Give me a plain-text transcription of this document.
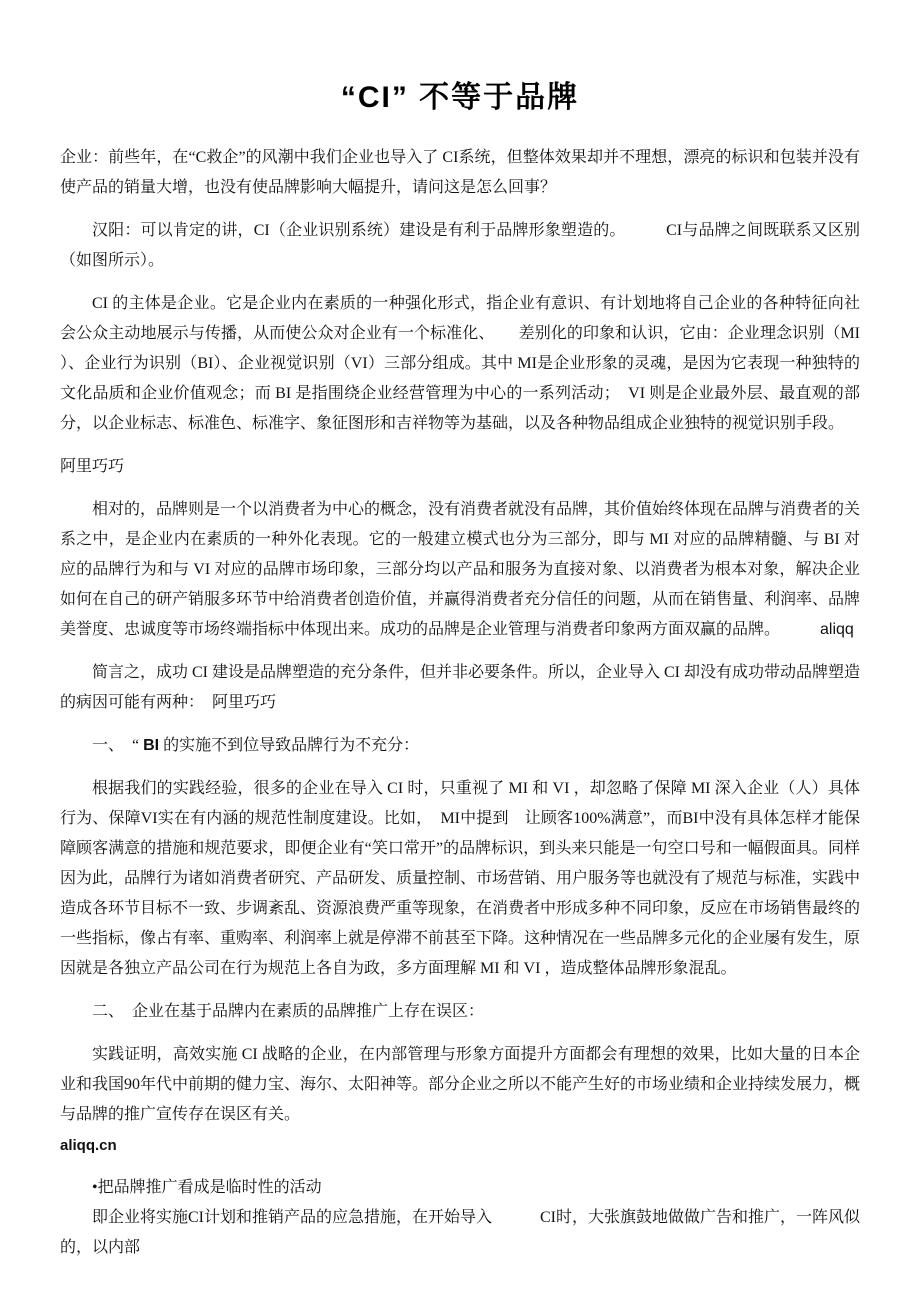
“CI” 不等于品牌

企业：前些年，在“C救企”的风潮中我们企业也导入了 CI系统，但整体效果却并不理想，漂亮的标识和包装并没有使产品的销量大增，也没有使品牌影响大幅提升，请问这是怎么回事？

汉阳：可以肯定的讲，CI（企业识别系统）建设是有利于品牌形象塑造的。　　　CI与品牌之间既联系又区别（如图所示）。

CI 的主体是企业。它是企业内在素质的一种强化形式，指企业有意识、有计划地将自己企业的各种特征向社会公众主动地展示与传播，从而使公众对企业有一个标准化、　　差别化的印象和认识，它由：企业理念识别（MI ）、企业行为识别（BI）、企业视觉识别（VI）三部分组成。其中 MI是企业形象的灵魂，是因为它表现一种独特的文化品质和企业价值观念；而 BI 是指围绕企业经营管理为中心的一系列活动；　VI 则是企业最外层、最直观的部分，以企业标志、标准色、标准字、象征图形和吉祥物等为基础，以及各种物品组成企业独特的视觉识别手段。

阿里巧巧

相对的，品牌则是一个以消费者为中心的概念，没有消费者就没有品牌，其价值始终体现在品牌与消费者的关系之中，是企业内在素质的一种外化表现。它的一般建立模式也分为三部分，即与 MI 对应的品牌精髓、与 BI 对应的品牌行为和与 VI 对应的品牌市场印象，三部分均以产品和服务为直接对象、以消费者为根本对象，解决企业如何在自己的研产销服多环节中给消费者创造价值，并赢得消费者充分信任的问题，从而在销售量、利润率、品牌美誉度、忠诚度等市场终端指标中体现出来。成功的品牌是企业管理与消费者印象两方面双赢的品牌。　　　aliqq

简言之，成功 CI 建设是品牌塑造的充分条件，但并非必要条件。所以，企业导入 CI 却没有成功带动品牌塑造的病因可能有两种：　阿里巧巧

一、　“ BI 的实施不到位导致品牌行为不充分：

根据我们的实践经验，很多的企业在导入 CI 时，只重视了 MI 和 VI ，却忽略了保障 MI 深入企业（人）具体行为、保障VI实在有内涵的规范性制度建设。比如，　MI中提到　让顾客100%满意”，而BI中没有具体怎样才能保障顾客满意的措施和规范要求，即便企业有“笑口常开”的品牌标识，到头来只能是一句空口号和一幅假面具。同样因为此，品牌行为诸如消费者研究、产品研发、质量控制、市场营销、用户服务等也就没有了规范与标准，实践中造成各环节目标不一致、步调紊乱、资源浪费严重等现象，在消费者中形成多种不同印象，反应在市场销售最终的一些指标，像占有率、重购率、利润率上就是停滞不前甚至下降。这种情况在一些品牌多元化的企业屡有发生，原因就是各独立产品公司在行为规范上各自为政，多方面理解 MI 和 VI ，造成整体品牌形象混乱。

二、　企业在基于品牌内在素质的品牌推广上存在误区：

实践证明，高效实施 CI 战略的企业，在内部管理与形象方面提升方面都会有理想的效果，比如大量的日本企业和我国90年代中前期的健力宝、海尔、太阳神等。部分企业之所以不能产生好的市场业绩和企业持续发展力，概与品牌的推广宣传存在误区有关。

aliqq.cn

•把品牌推广看成是临时性的活动

即企业将实施CI计划和推销产品的应急措施，在开始导入　　　CI时，大张旗鼓地做做广告和推广，一阵风似的，以内部
